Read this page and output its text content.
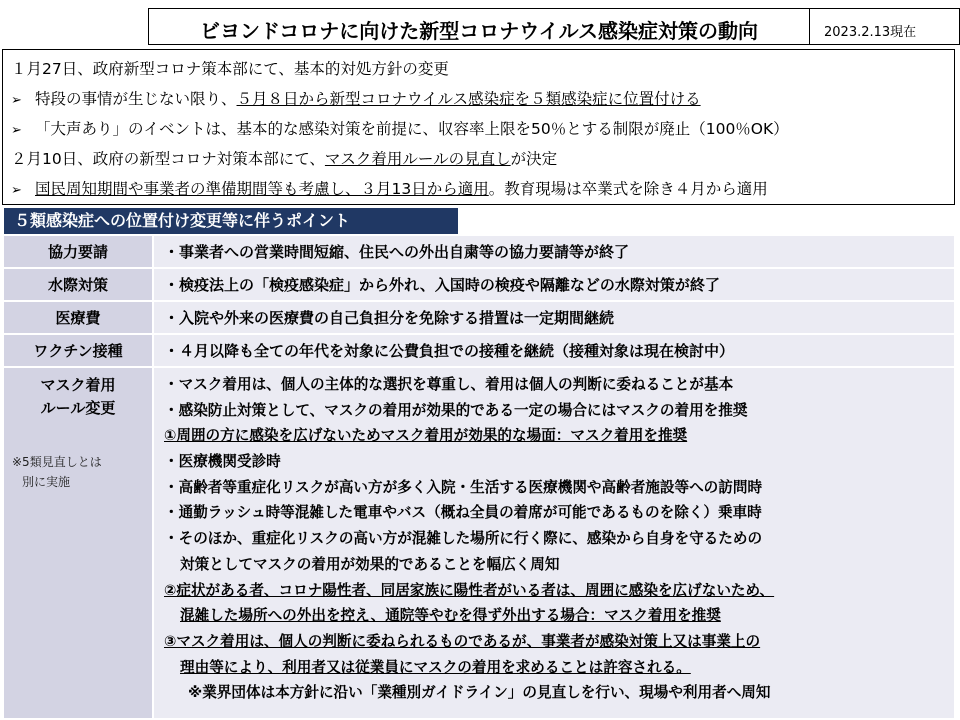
ビヨンドコロナに向けた新型コロナウイルス感染症対策の動向	2023.2.13現在
１月27日、政府新型コロナ策本部にて、基本的対処方針の変更
➢ 特段の事情が生じない限り、５月８日から新型コロナウイルス感染症を５類感染症に位置付ける
➢ 「大声あり」のイベントは、基本的な感染対策を前提に、収容率上限を50％とする制限が廃止（100％OK）
２月10日、政府の新型コロナ対策本部にて、マスク着用ルールの見直しが決定
➢ 国民周知期間や事業者の準備期間等も考慮し、３月13日から適用。教育現場は卒業式を除き４月から適用
５類感染症への位置付け変更等に伴うポイント
協力要請	・事業者への営業時間短縮、住民への外出自粛等の協力要請等が終了
水際対策	・検疫法上の「検疫感染症」から外れ、入国時の検疫や隔離などの水際対策が終了
医療費	・入院や外来の医療費の自己負担分を免除する措置は一定期間継続
ワクチン接種	・４月以降も全ての年代を対象に公費負担での接種を継続（接種対象は現在検討中）
マスク着用
ルール変更
※5類見直しとは
別に実施
・マスク着用は、個人の主体的な選択を尊重し、着用は個人の判断に委ねることが基本
・感染防止対策として、マスクの着用が効果的である一定の場合にはマスクの着用を推奨
①周囲の方に感染を広げないためマスク着用が効果的な場面：マスク着用を推奨
・医療機関受診時
・高齢者等重症化リスクが高い方が多く入院・生活する医療機関や高齢者施設等への訪問時
・通勤ラッシュ時等混雑した電車やバス（概ね全員の着席が可能であるものを除く）乗車時
・そのほか、重症化リスクの高い方が混雑した場所に行く際に、感染から自身を守るための
対策としてマスクの着用が効果的であることを幅広く周知
②症状がある者、コロナ陽性者、同居家族に陽性者がいる者は、周囲に感染を広げないため、
混雑した場所への外出を控え、通院等やむを得ず外出する場合：マスク着用を推奨
③マスク着用は、個人の判断に委ねられるものであるが、事業者が感染対策上又は事業上の
理由等により、利用者又は従業員にマスクの着用を求めることは許容される。
※業界団体は本方針に沿い「業種別ガイドライン」の見直しを行い、現場や利用者へ周知
